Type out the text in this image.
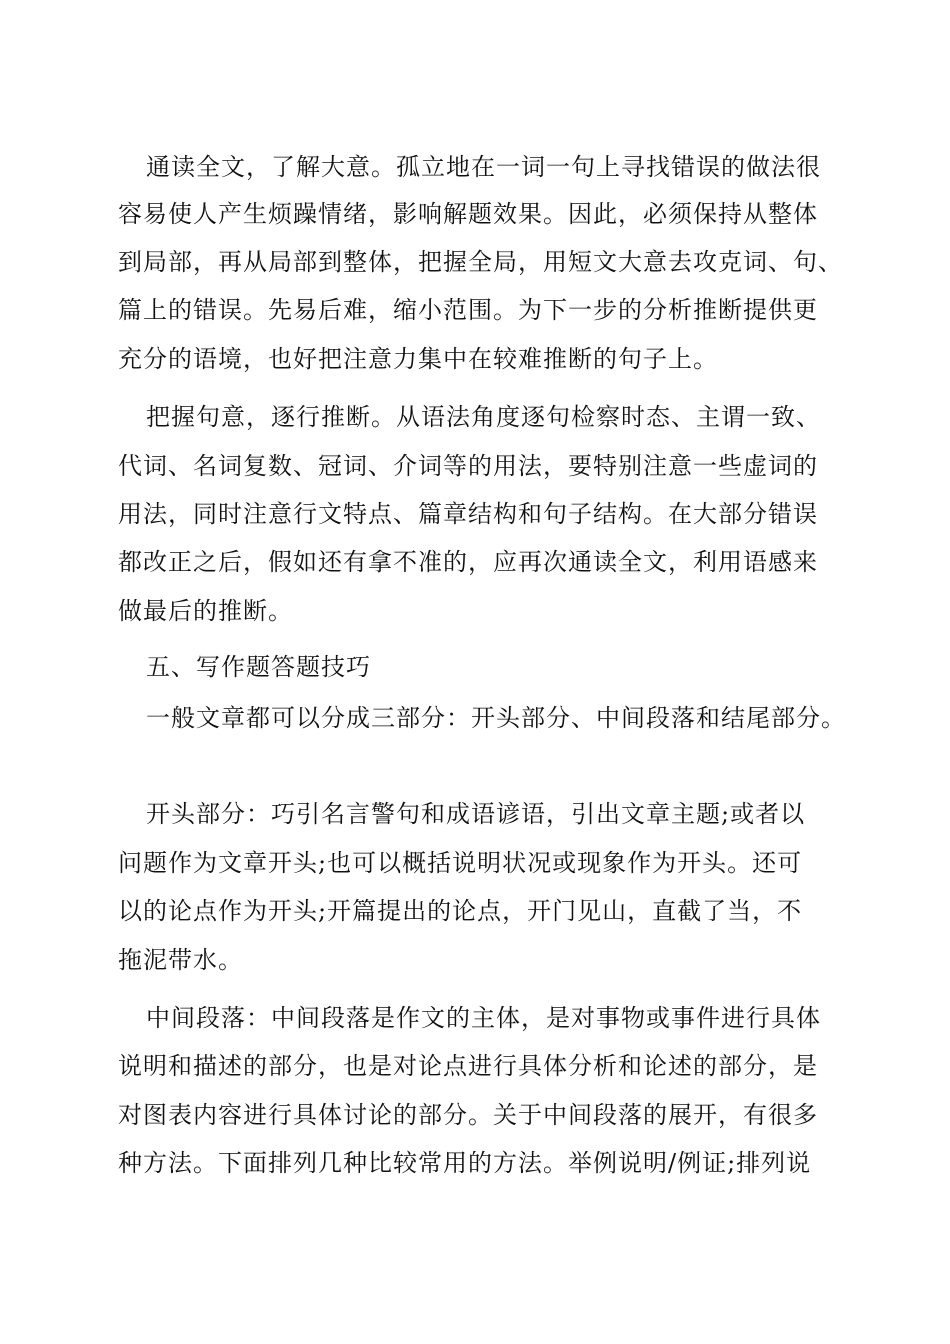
通读全文，了解大意。孤立地在一词一句上寻找错误的做法很
容易使人产生烦躁情绪，影响解题效果。因此，必须保持从整体
到局部，再从局部到整体，把握全局，用短文大意去攻克词、句、
篇上的错误。先易后难，缩小范围。为下一步的分析推断提供更
充分的语境，也好把注意力集中在较难推断的句子上。
把握句意，逐行推断。从语法角度逐句检察时态、主谓一致、
代词、名词复数、冠词、介词等的用法，要特别注意一些虚词的
用法，同时注意行文特点、篇章结构和句子结构。在大部分错误
都改正之后，假如还有拿不准的，应再次通读全文，利用语感来
做最后的推断。
五、写作题答题技巧
一般文章都可以分成三部分：开头部分、中间段落和结尾部分。
开头部分：巧引名言警句和成语谚语，引出文章主题;或者以
问题作为文章开头;也可以概括说明状况或现象作为开头。还可
以的论点作为开头;开篇提出的论点，开门见山，直截了当，不
拖泥带水。
中间段落：中间段落是作文的主体，是对事物或事件进行具体
说明和描述的部分，也是对论点进行具体分析和论述的部分，是
对图表内容进行具体讨论的部分。关于中间段落的展开，有很多
种方法。下面排列几种比较常用的方法。举例说明/例证;排列说
